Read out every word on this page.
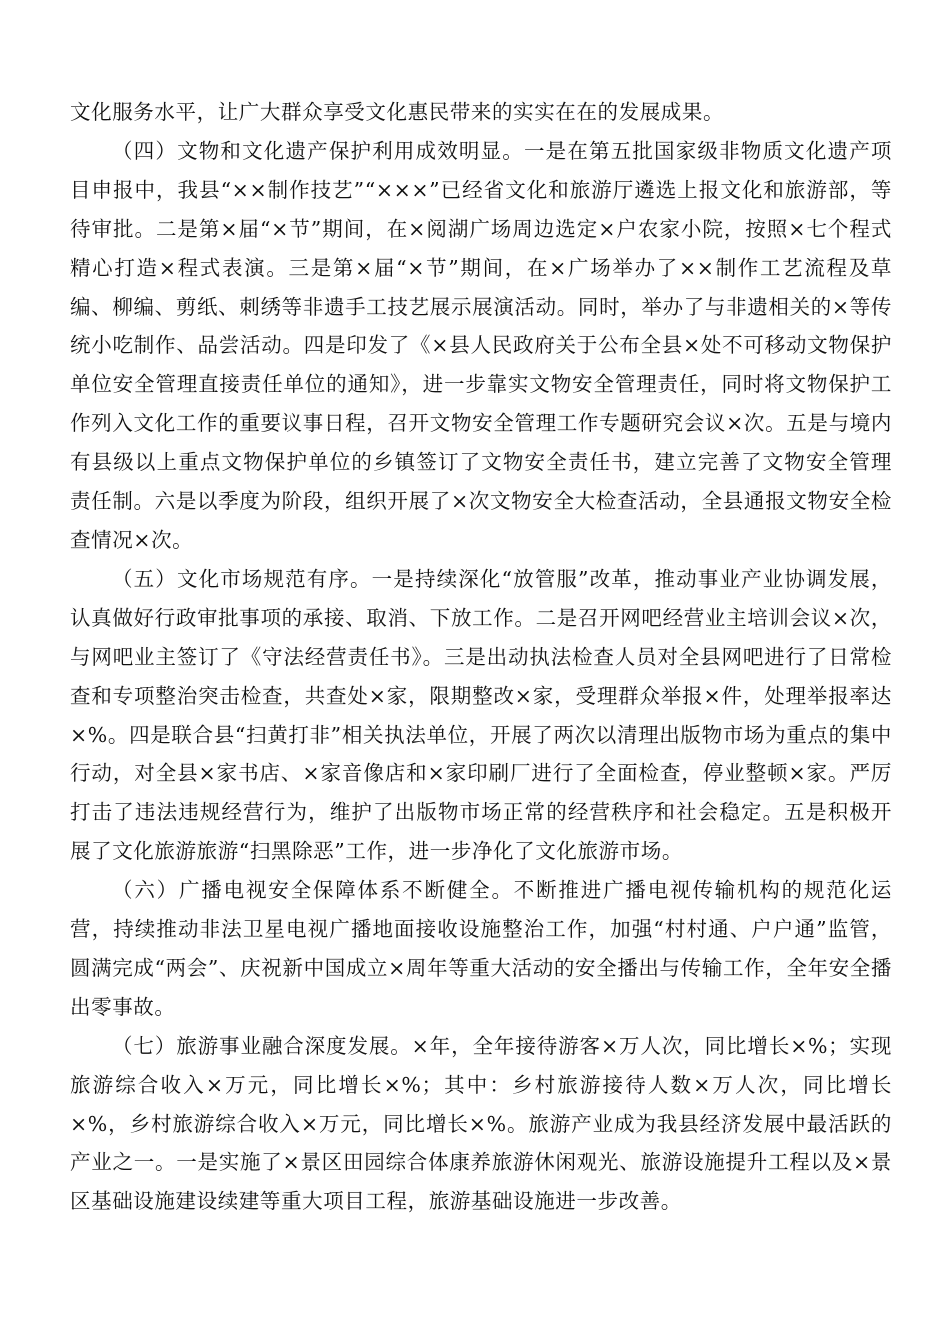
文化服务水平，让广大群众享受文化惠民带来的实实在在的发展成果。

（四）文物和文化遗产保护利用成效明显。一是在第五批国家级非物质文化遗产项目申报中，我县“××制作技艺”“×××”已经省文化和旅游厅遴选上报文化和旅游部，等待审批。二是第×届“×节”期间，在×阅湖广场周边选定×户农家小院，按照×七个程式精心打造×程式表演。三是第×届“×节”期间，在×广场举办了××制作工艺流程及草编、柳编、剪纸、刺绣等非遗手工技艺展示展演活动。同时，举办了与非遗相关的×等传统小吃制作、品尝活动。四是印发了《×县人民政府关于公布全县×处不可移动文物保护单位安全管理直接责任单位的通知》，进一步靠实文物安全管理责任，同时将文物保护工作列入文化工作的重要议事日程，召开文物安全管理工作专题研究会议×次。五是与境内有县级以上重点文物保护单位的乡镇签订了文物安全责任书，建立完善了文物安全管理责任制。六是以季度为阶段，组织开展了×次文物安全大检查活动，全县通报文物安全检查情况×次。

（五）文化市场规范有序。一是持续深化“放管服”改革，推动事业产业协调发展，认真做好行政审批事项的承接、取消、下放工作。二是召开网吧经营业主培训会议×次，与网吧业主签订了《守法经营责任书》。三是出动执法检查人员对全县网吧进行了日常检查和专项整治突击检查，共查处×家，限期整改×家，受理群众举报×件，处理举报率达×%。四是联合县“扫黄打非”相关执法单位，开展了两次以清理出版物市场为重点的集中行动，对全县×家书店、×家音像店和×家印刷厂进行了全面检查，停业整顿×家。严厉打击了违法违规经营行为，维护了出版物市场正常的经营秩序和社会稳定。五是积极开展了文化旅游旅游“扫黑除恶”工作，进一步净化了文化旅游市场。

（六）广播电视安全保障体系不断健全。不断推进广播电视传输机构的规范化运营，持续推动非法卫星电视广播地面接收设施整治工作，加强“村村通、户户通”监管，圆满完成“两会”、庆祝新中国成立×周年等重大活动的安全播出与传输工作，全年安全播出零事故。

（七）旅游事业融合深度发展。×年，全年接待游客×万人次，同比增长×%；实现旅游综合收入×万元，同比增长×%；其中：乡村旅游接待人数×万人次，同比增长×%，乡村旅游综合收入×万元，同比增长×%。旅游产业成为我县经济发展中最活跃的产业之一。一是实施了×景区田园综合体康养旅游休闲观光、旅游设施提升工程以及×景区基础设施建设续建等重大项目工程，旅游基础设施进一步改善。
